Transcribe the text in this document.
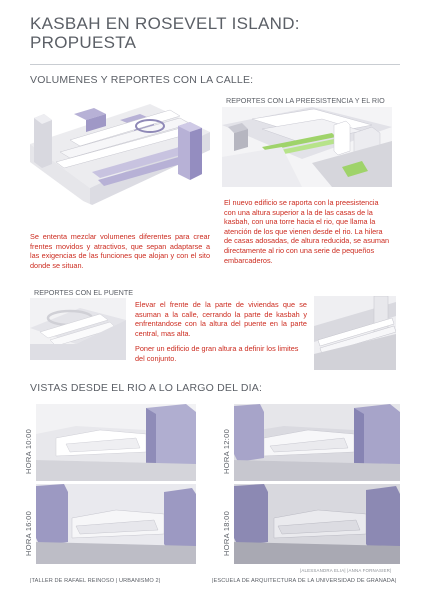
KASBAH EN ROSEVELT ISLAND:
PROPUESTA
VOLUMENES Y REPORTES CON LA CALLE:
Se ententa mezclar volumenes diferentes para crear frentes movidos y atractivos, que sepan adaptarse a las exigencias de las funciones que alojan y con el sito donde se situan.
REPORTES CON LA PREESISTENCIA Y EL RIO
El nuevo edificio se raporta con la preesistencia con una altura superior a la de las casas de la kasbah, con una torre hacia el rio, que llama la atención de los que vienen desde el rio. La hilera de casas adosadas, de altura reducida, se asuman directamente al rio con una serie de pequeños embarcaderos.
REPORTES CON EL PUENTE
Elevar el frente de la parte de viviendas que se asuman a la calle, cerrando la parte de kasbah y enfrentandose con la altura del puente en la parte central, mas alta.
Poner un edificio de gran altura a definir los limites del conjunto.
VISTAS DESDE EL RIO A LO LARGO DEL DIA:
HORA 10:00	HORA 12:00
HORA 16:00	HORA 18:00
|ALESSANDRA ELIA| |ANNA FORNASIER|
|TALLER DE RAFAEL REINOSO | URBANISMO 2|	|ESCUELA DE ARQUITECTURA DE LA UNIVERSIDAD DE GRANADA|
